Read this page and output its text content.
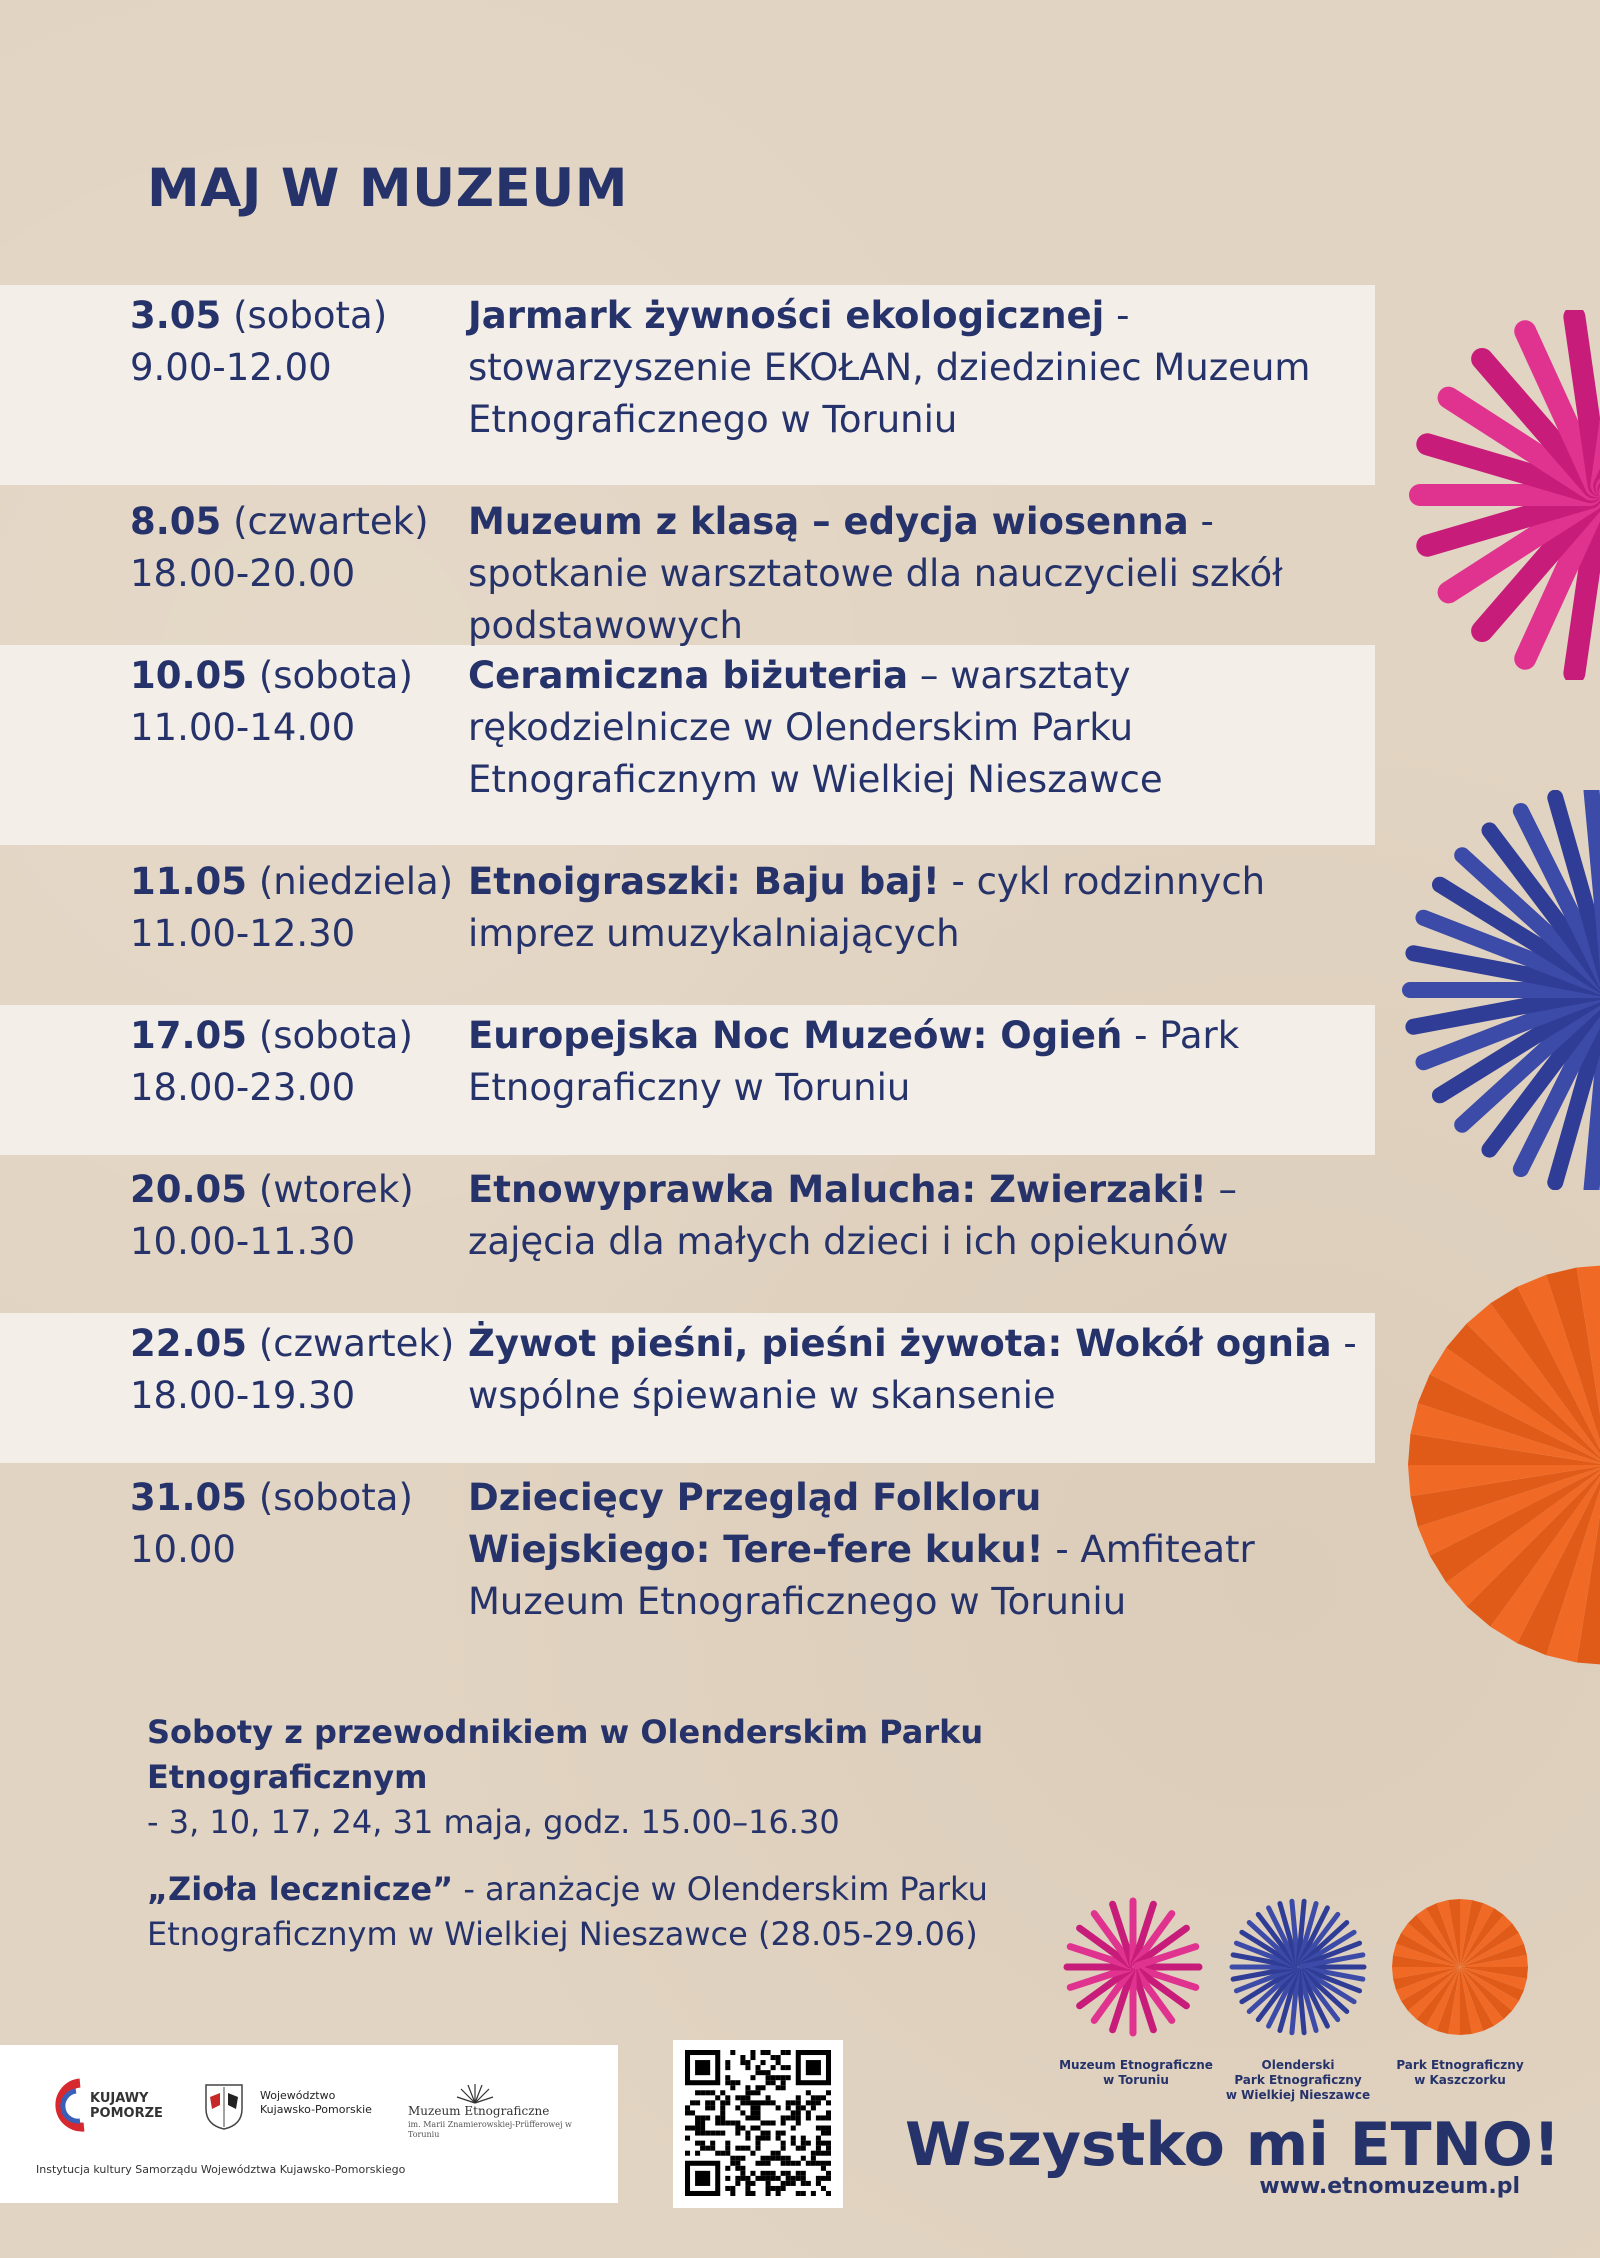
MAJ W MUZEUM
3.05 (sobota)
9.00-12.00
Jarmark żywności ekologicznej - stowarzyszenie EKOŁAN, dziedziniec Muzeum Etnograficznego w Toruniu
8.05 (czwartek)
18.00-20.00
Muzeum z klasą – edycja wiosenna - spotkanie warsztatowe dla nauczycieli szkół podstawowych
10.05 (sobota)
11.00-14.00
Ceramiczna biżuteria – warsztaty rękodzielnicze w Olenderskim Parku Etnograficznym w Wielkiej Nieszawce
11.05 (niedziela)
11.00-12.30
Etnoigraszki: Baju baj! - cykl rodzinnych imprez umuzykalniających
17.05 (sobota)
18.00-23.00
Europejska Noc Muzeów: Ogień - Park Etnograficzny w Toruniu
20.05 (wtorek)
10.00-11.30
Etnowyprawka Malucha: Zwierzaki! – zajęcia dla małych dzieci i ich opiekunów
22.05 (czwartek)
18.00-19.30
Żywot pieśni, pieśni żywota: Wokół ognia - wspólne śpiewanie w skansenie
31.05 (sobota)
10.00
Dziecięcy Przegląd Folkloru Wiejskiego: Tere-fere kuku! - Amfiteatr Muzeum Etnograficznego w Toruniu

Soboty z przewodnikiem w Olenderskim Parku Etnograficznym
- 3, 10, 17, 24, 31 maja, godz. 15.00–16.30

„Zioła lecznicze” - aranżacje w Olenderskim Parku Etnograficznym w Wielkiej Nieszawce (28.05-29.06)

Muzeum Etnograficzne
w Toruniu

Olenderski
Park Etnograficzny
w Wielkiej Nieszawce
Park Etnograficzny
w Kaszczorku

KUJAWY POMORZE
Województwo Kujawsko-Pomorskie	Muzeum Etnograficzne
im. Marii Znamierowskiej-Prüfferowej w Toruniu
Instytucja kultury Samorządu Województwa Kujawsko-Pomorskiego	Wszystko mi ETNO!
www.etnomuzeum.pl
